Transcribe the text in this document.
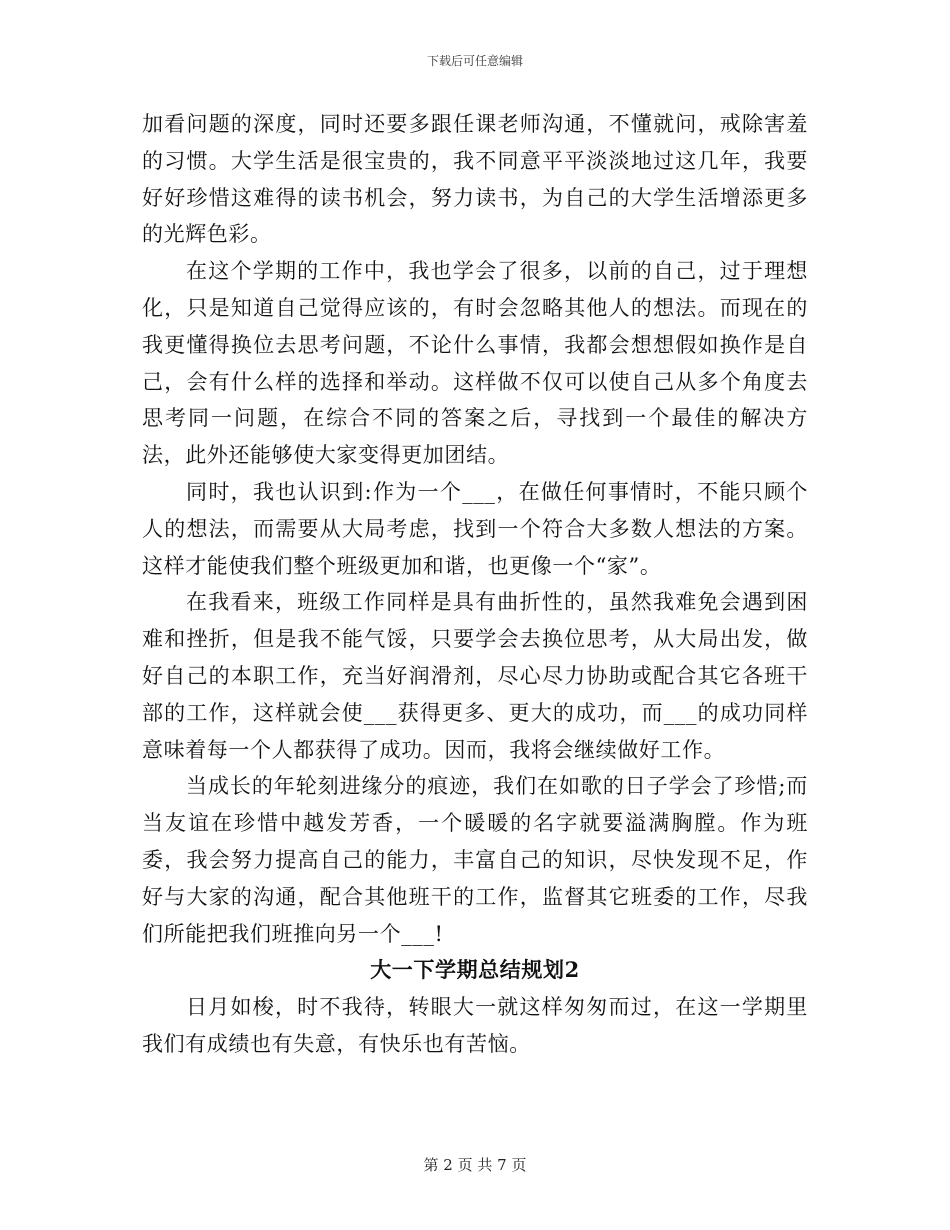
下载后可任意编辑

加看问题的深度，同时还要多跟任课老师沟通，不懂就问，戒除害羞的习惯。大学生活是很宝贵的，我不同意平平淡淡地过这几年，我要好好珍惜这难得的读书机会，努力读书，为自己的大学生活增添更多的光辉色彩。

在这个学期的工作中，我也学会了很多，以前的自己，过于理想化，只是知道自己觉得应该的，有时会忽略其他人的想法。而现在的我更懂得换位去思考问题，不论什么事情，我都会想想假如换作是自己，会有什么样的选择和举动。这样做不仅可以使自己从多个角度去思考同一问题，在综合不同的答案之后，寻找到一个最佳的解决方法，此外还能够使大家变得更加团结。

同时，我也认识到:作为一个___，在做任何事情时，不能只顾个人的想法，而需要从大局考虑，找到一个符合大多数人想法的方案。这样才能使我们整个班级更加和谐，也更像一个“家”。

在我看来，班级工作同样是具有曲折性的，虽然我难免会遇到困难和挫折，但是我不能气馁，只要学会去换位思考，从大局出发，做好自己的本职工作，充当好润滑剂，尽心尽力协助或配合其它各班干部的工作，这样就会使___获得更多、更大的成功，而___的成功同样意味着每一个人都获得了成功。因而，我将会继续做好工作。

当成长的年轮刻进缘分的痕迹，我们在如歌的日子学会了珍惜;而当友谊在珍惜中越发芳香，一个暖暖的名字就要溢满胸膛。作为班委，我会努力提高自己的能力，丰富自己的知识，尽快发现不足，作好与大家的沟通，配合其他班干的工作，监督其它班委的工作，尽我们所能把我们班推向另一个___!

大一下学期总结规划2

日月如梭，时不我待，转眼大一就这样匆匆而过，在这一学期里我们有成绩也有失意，有快乐也有苦恼。

第 2 页 共 7 页
